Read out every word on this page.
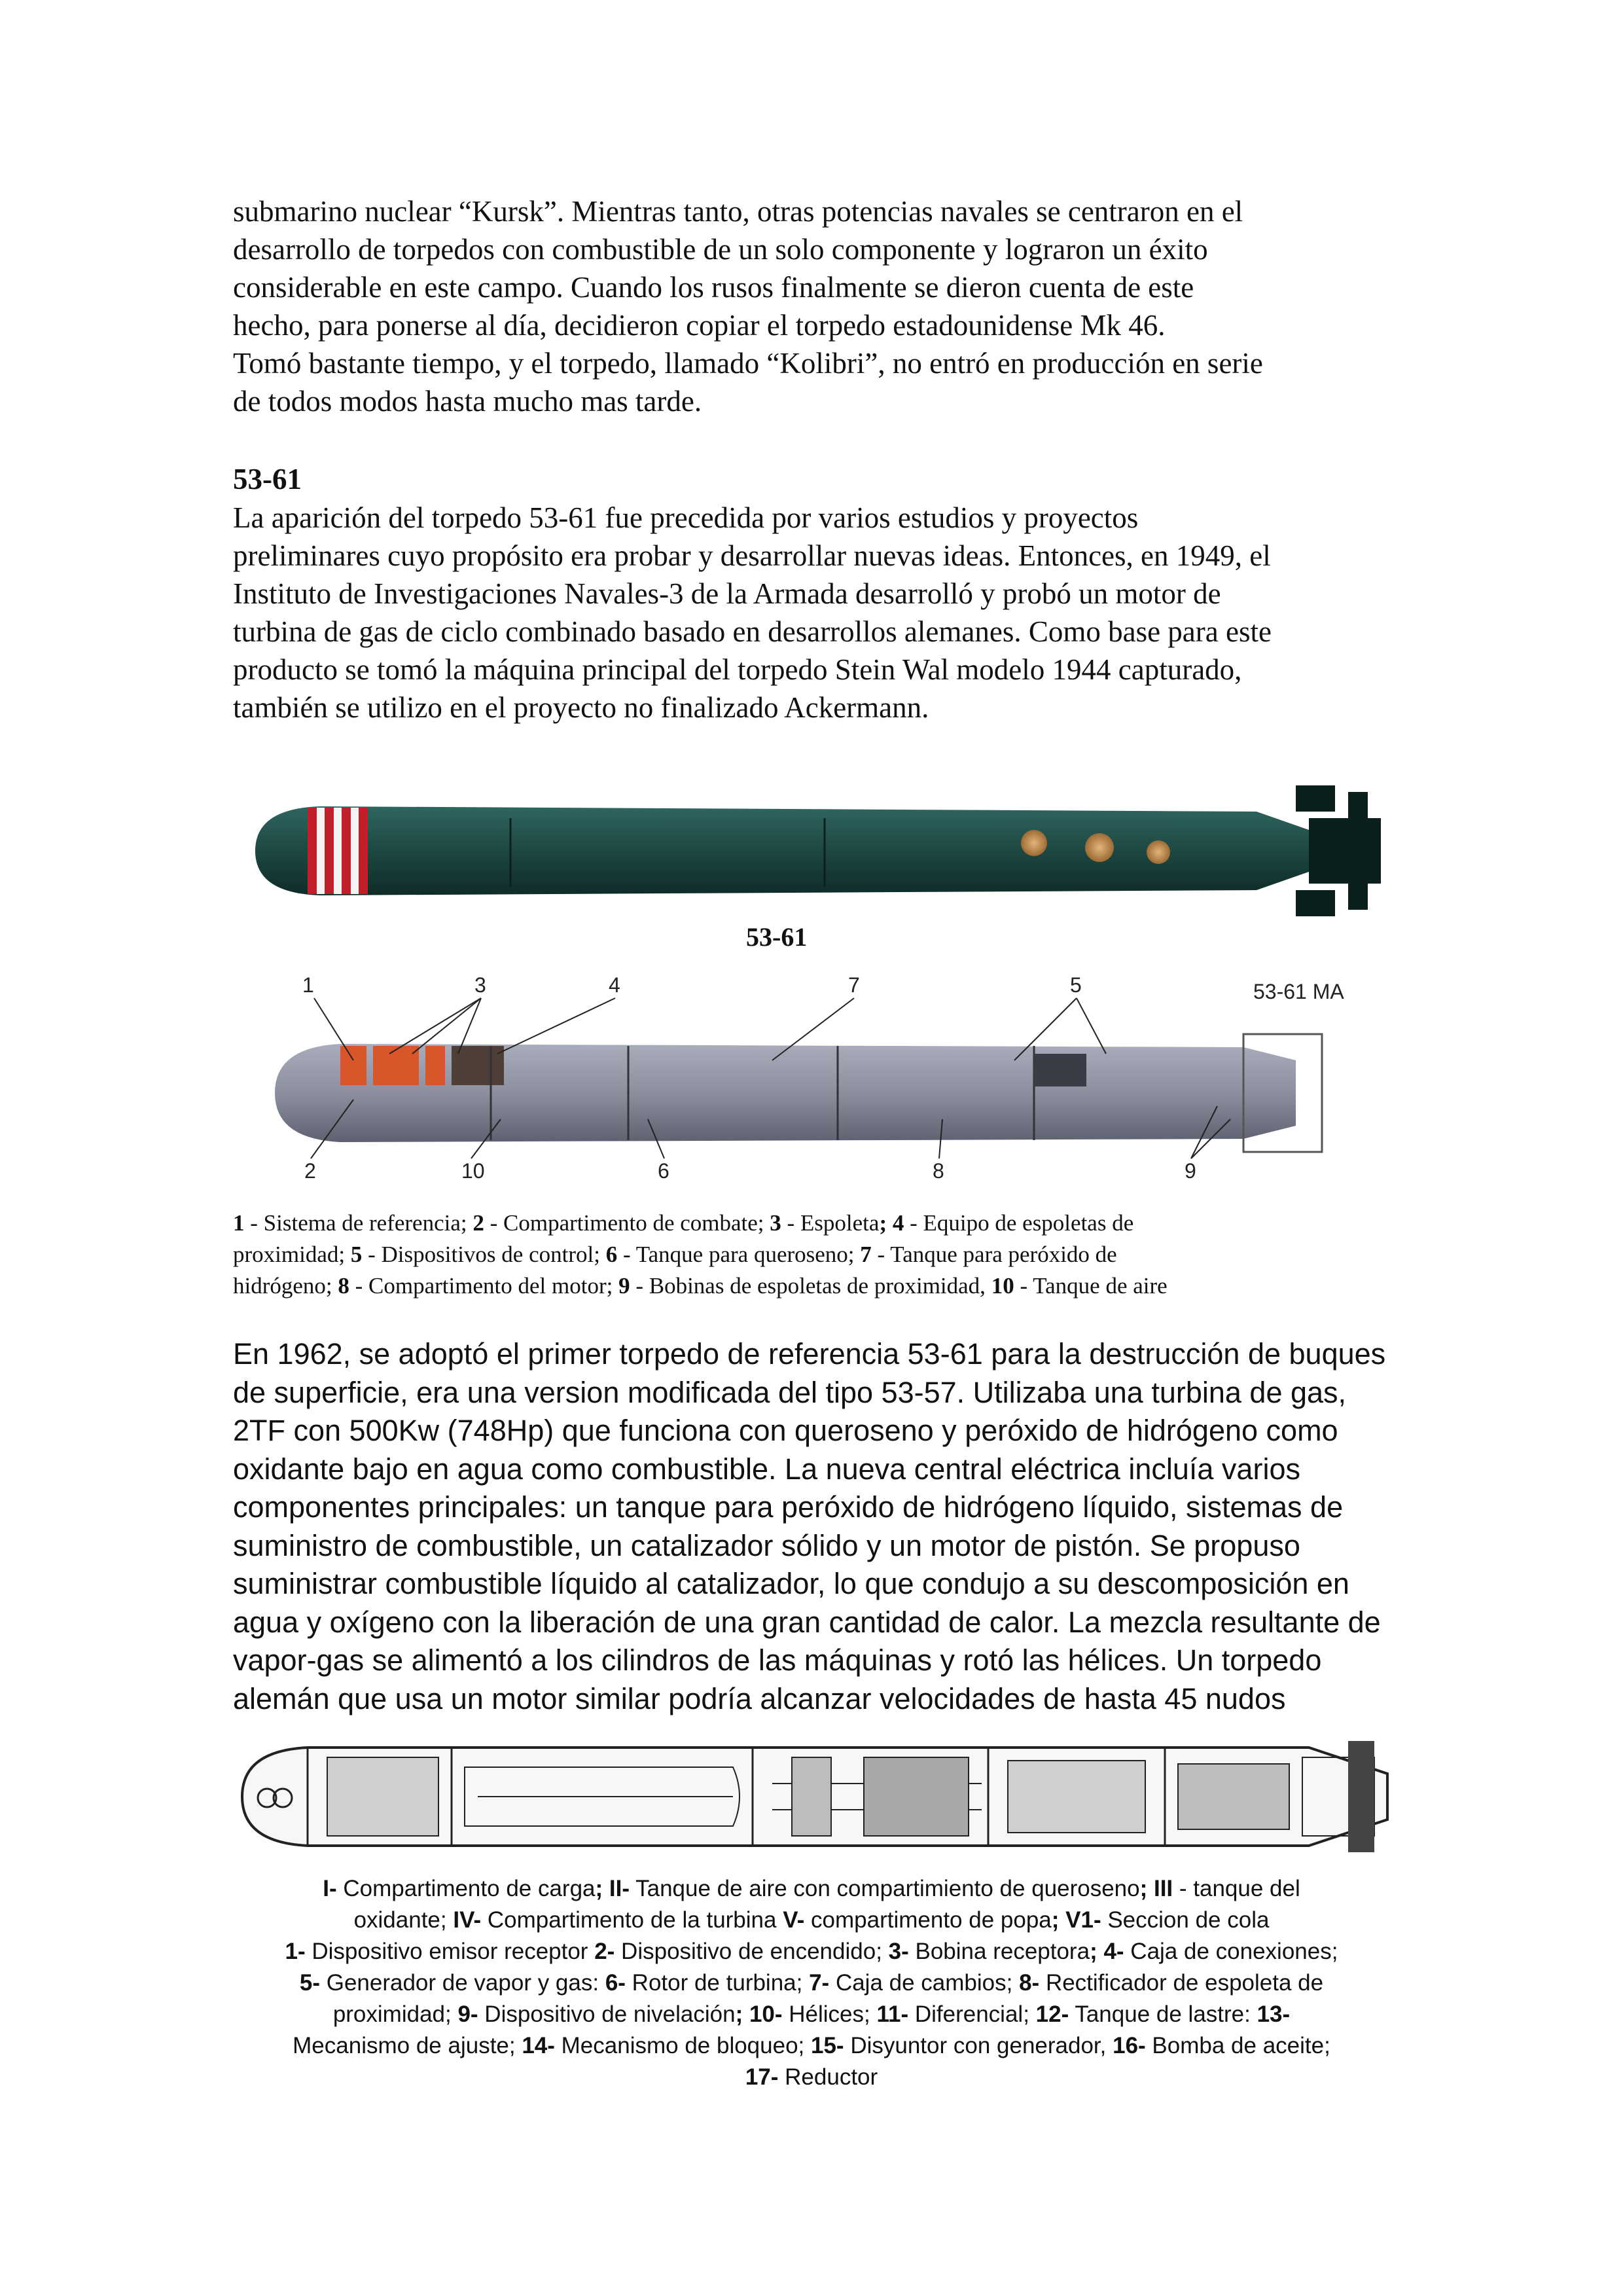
submarino nuclear “Kursk”. Mientras tanto, otras potencias navales se centraron en el
desarrollo de torpedos con combustible de un solo componente y lograron un éxito
considerable en este campo. Cuando los rusos finalmente se dieron cuenta de este
hecho, para ponerse al día, decidieron copiar el torpedo estadounidense Mk 46.
Tomó bastante tiempo, y el torpedo, llamado “Kolibri”, no entró en producción en serie
de todos modos hasta mucho mas tarde.
53-61
La aparición del torpedo 53-61 fue precedida por varios estudios y proyectos
preliminares cuyo propósito era probar y desarrollar nuevas ideas. Entonces, en 1949, el
Instituto de Investigaciones Navales-3 de la Armada desarrolló y probó un motor de
turbina de gas de ciclo combinado basado en desarrollos alemanes. Como base para este
producto se tomó la máquina principal del torpedo Stein Wal modelo 1944 capturado,
también se utilizo en el proyecto no finalizado Ackermann.
53-61
1	3	4	7	5	53-61 MA
2	10	6	8	9
1 - Sistema de referencia; 2 - Compartimento de combate; 3 - Espoleta; 4 - Equipo de espoletas de
proximidad; 5 - Dispositivos de control; 6 - Tanque para queroseno; 7 - Tanque para peróxido de
hidrógeno; 8 - Compartimento del motor; 9 - Bobinas de espoletas de proximidad, 10 - Tanque de aire
En 1962, se adoptó el primer torpedo de referencia 53-61 para la destrucción de buques
de superficie, era una version modificada del tipo 53-57. Utilizaba una turbina de gas,
2TF con 500Kw (748Hp) que funciona con queroseno y peróxido de hidrógeno como
oxidante bajo en agua como combustible. La nueva central eléctrica incluía varios
componentes principales: un tanque para peróxido de hidrógeno líquido, sistemas de
suministro de combustible, un catalizador sólido y un motor de pistón. Se propuso
suministrar combustible líquido al catalizador, lo que condujo a su descomposición en
agua y oxígeno con la liberación de una gran cantidad de calor. La mezcla resultante de
vapor-gas se alimentó a los cilindros de las máquinas y rotó las hélices. Un torpedo
alemán que usa un motor similar podría alcanzar velocidades de hasta 45 nudos
I- Compartimento de carga; II- Tanque de aire con compartimiento de queroseno; III - tanque del
oxidante; IV- Compartimento de la turbina V- compartimento de popa; V1- Seccion de cola
1- Dispositivo emisor receptor 2- Dispositivo de encendido; 3- Bobina receptora; 4- Caja de conexiones;
5- Generador de vapor y gas: 6- Rotor de turbina; 7- Caja de cambios; 8- Rectificador de espoleta de
proximidad; 9- Dispositivo de nivelación; 10- Hélices; 11- Diferencial; 12- Tanque de lastre: 13-
Mecanismo de ajuste; 14- Mecanismo de bloqueo; 15- Disyuntor con generador, 16- Bomba de aceite;
17- Reductor
